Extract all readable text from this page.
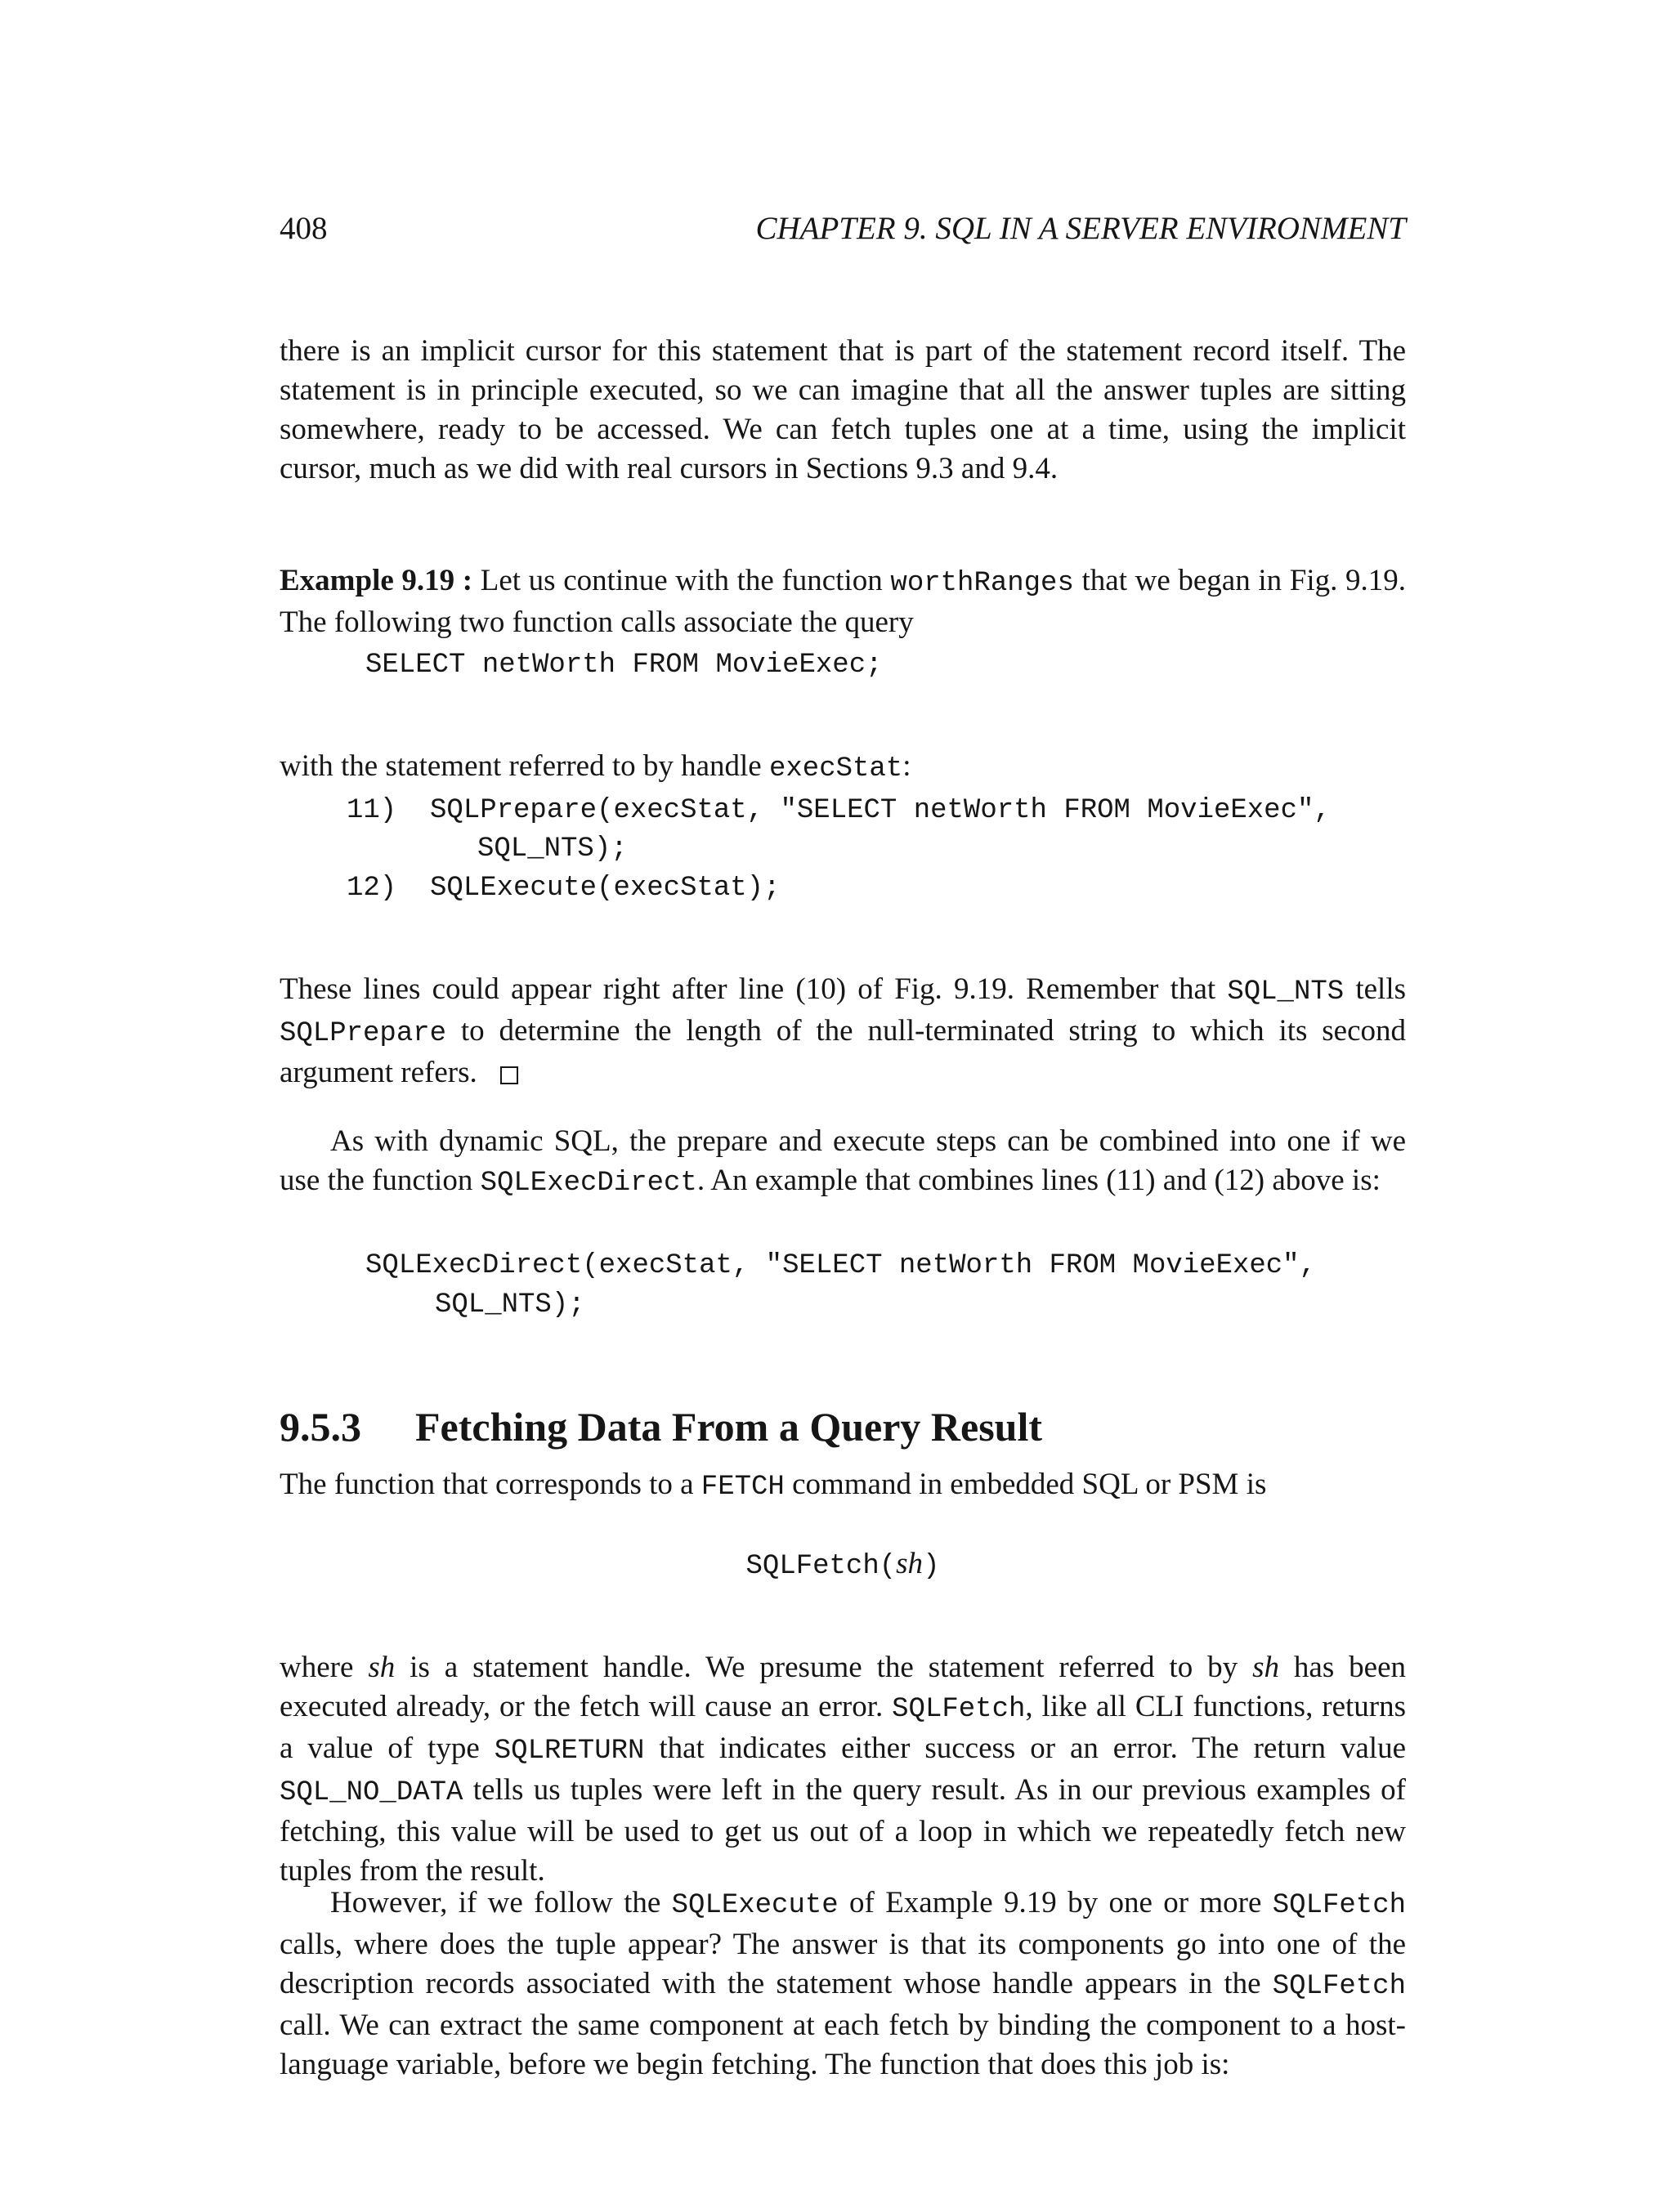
408	CHAPTER 9. SQL IN A SERVER ENVIRONMENT

there is an implicit cursor for this statement that is part of the statement record itself. The statement is in principle executed, so we can imagine that all the answer tuples are sitting somewhere, ready to be accessed. We can fetch tuples one at a time, using the implicit cursor, much as we did with real cursors in Sections 9.3 and 9.4.

Example 9.19 : Let us continue with the function worthRanges that we began in Fig. 9.19. The following two function calls associate the query

SELECT netWorth FROM MovieExec;

with the statement referred to by handle execStat:

11)  SQLPrepare(execStat, "SELECT netWorth FROM MovieExec",
SQL_NTS);
12)  SQLExecute(execStat);

These lines could appear right after line (10) of Fig. 9.19. Remember that SQL_NTS tells SQLPrepare to determine the length of the null-terminated string to which its second argument refers.

As with dynamic SQL, the prepare and execute steps can be combined into one if we use the function SQLExecDirect. An example that combines lines (11) and (12) above is:

SQLExecDirect(execStat, "SELECT netWorth FROM MovieExec",
SQL_NTS);
9.5.3 Fetching Data From a Query Result

The function that corresponds to a FETCH command in embedded SQL or PSM is

SQLFetch(sh)

where sh is a statement handle. We presume the statement referred to by sh has been executed already, or the fetch will cause an error. SQLFetch, like all CLI functions, returns a value of type SQLRETURN that indicates either success or an error. The return value SQL_NO_DATA tells us tuples were left in the query result. As in our previous examples of fetching, this value will be used to get us out of a loop in which we repeatedly fetch new tuples from the result.

However, if we follow the SQLExecute of Example 9.19 by one or more SQLFetch calls, where does the tuple appear? The answer is that its components go into one of the description records associated with the statement whose handle appears in the SQLFetch call. We can extract the same component at each fetch by binding the component to a host-language variable, before we begin fetching. The function that does this job is:
